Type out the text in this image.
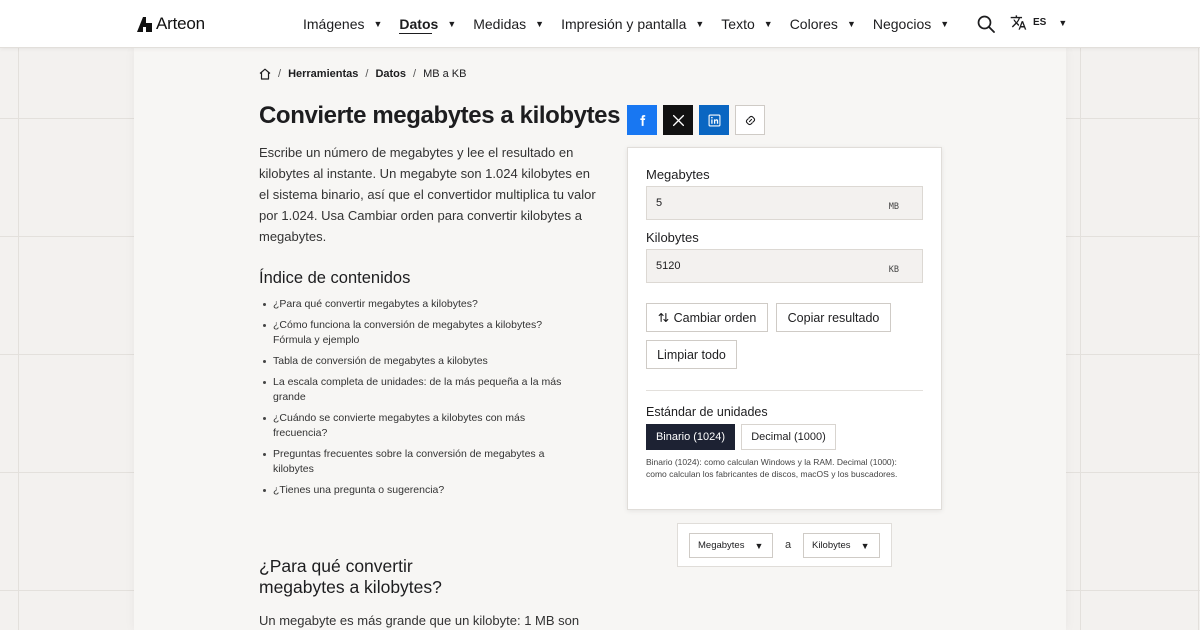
Arteon	Imágenes ▼ Datos ▼ Medidas ▼ Impresión y pantalla ▼ Texto ▼ Colores ▼ Negocios ▼	ES ▼
/ Herramientas / Datos / MB a KB
Convierte megabytes a kilobytes

Escribe un número de megabytes y lee el resultado en kilobytes al instante. Un megabyte son 1.024 kilobytes en el sistema binario, así que el convertidor multiplica tu valor por 1.024. Usa Cambiar orden para convertir kilobytes a megabytes.

Índice de contenidos
¿Para qué convertir megabytes a kilobytes?
¿Cómo funciona la conversión de megabytes a kilobytes? Fórmula y ejemplo
Tabla de conversión de megabytes a kilobytes
La escala completa de unidades: de la más pequeña a la más grande
¿Cuándo se convierte megabytes a kilobytes con más frecuencia?
Preguntas frecuentes sobre la conversión de megabytes a kilobytes
¿Tienes una pregunta o sugerencia?
¿Para qué convertir megabytes a kilobytes?

Un megabyte es más grande que un kilobyte: 1 MB son

Megabytes
5
MB
Kilobytes
5120
KB
Cambiar orden	Copiar resultado
Limpiar todo
Estándar de unidades
Binario (1024)	Decimal (1000)

Binario (1024): como calculan Windows y la RAM. Decimal (1000): como calculan los fabricantes de discos, macOS y los buscadores.

Megabytes ▼ a Kilobytes ▼
